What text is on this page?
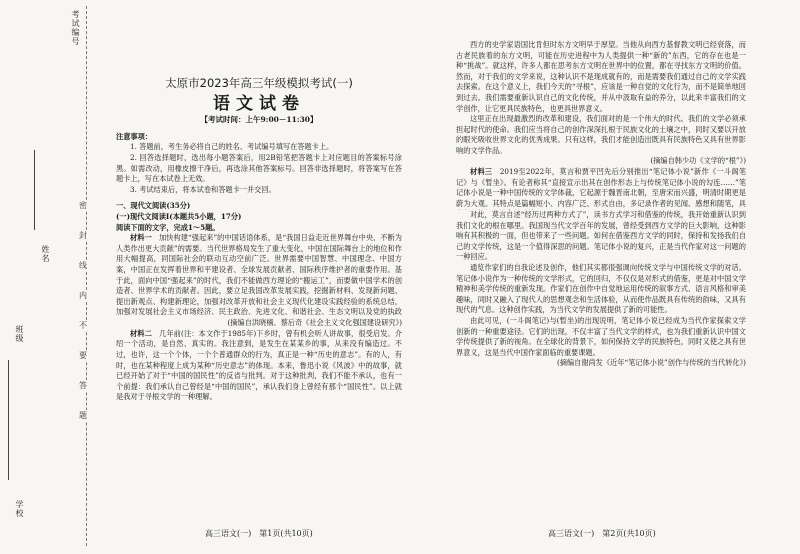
考试编号
姓名
班级
学校
密
封
线
内
不
要
答
题
太原市2023年高三年级模拟考试(一)
语文试卷
【考试时间：上午9:00－11:30】
注意事项：

1. 答题前，考生务必将自己的姓名、考试编号填写在答题卡上。

2. 回答选择题时，选出每小题答案后，用2B铅笔把答题卡上对应题目的答案标号涂黑。如需改动，用橡皮擦干净后，再选涂其他答案标号。回答非选择题时，将答案写在答题卡上，写在本试卷上无效。

3. 考试结束后，将本试卷和答题卡一并交回。

一、现代文阅读(35分)
(一)现代文阅读Ⅰ(本题共5小题，17分)
阅读下面的文字，完成1～5题。

材料一　 加快构建“强起来”的中国话语体系，是“我国日益走近世界舞台中央、不断为人类作出更大贡献”的需要。当代世界格局发生了重大变化，中国在国际舞台上的地位和作用大幅提高，同国际社会的联动互动空前广泛。世界需要中国智慧、中国理念、中国方案，中国正在发挥着世界和平建设者、全球发展贡献者、国际秩序维护者的重要作用。基于此，面向中国“强起来”的时代，我们不能做西方理论的“搬运工”，而要做中国学术的创造者、世界学术的贡献者。因此，要立足我国改革发展实践，挖掘新材料、发现新问题、提出新观点、构建新理论，加强对改革开放和社会主义现代化建设实践经验的系统总结，加强对发展社会主义市场经济、民主政治、先进文化、和谐社会、生态文明以及党的执政

(摘编自洪晓楠、蔡后奇《社会主义文化强国建设研究》)

材料二　 几年前(注：本文作于1985年)下乡时，曾有机会听人讲故事，很受启发。介绍一个活动，是自然、真实的。我注意到，是发生在某某乡的事，从来没有编造过。不过，也许，这一个个体，一个个普通群众的行为，真正是一种“历史的意志”。有的人，有时，也在某种程度上成为某种“历史意志”的体现。本来，鲁迅小说《风波》中的故事，就已经开始了对于“中国的国民性”的反省与批判。对于这种批判，我们不能不承认，也有一个前提：我们承认自己曾经是“中国的国民”，承认我们身上曾经有那个“国民性”。以上就是我对于寻根文学的一种理解。

西方的史学家语国比肯但时东方文明早于厚望。当他从向西方基督教文明已经衰落，而古老民族着的东方文明，可能在历史进程中为人类提供一种“新的”东西，它的存在也是一种“挑战”。就这样，许多人都在思考东方文明在世界中的位置，都在寻找东方文明的价值。然而，对于我们的文学来说，这种认识不是现成就有的，而是需要我们通过自己的文学实践去探索。在这个意义上，我们今天的“寻根”，应该是一种自觉的文化行为，而不是简单地回到过去。我们需要重新认识自己的文化传统，并从中汲取有益的养分，以此来丰富我们的文学创作，让它更具民族特色，也更具世界意义。

这里正在出现最激烈的改革和建设，我们面对的是一个伟大的时代。我们的文学必须承担起时代的使命。我们应当将自己的创作深深扎根于民族文化的土壤之中，同时又要以开放的眼光吸收世界文化的优秀成果。只有这样，我们才能创造出既具有民族特色又具有世界影响的文学作品。

(摘编自韩少功《文学的“根”》)

材料三　 2019至2022年，莫言和贾平凹先后分别推出“笔记体小说”新作《一斗阁笔记》与《暂坐》。有论者称其“直接宣示出其在创作形态上与传统笔记体小说的勾连……”笔记体小说是一种中国传统的文学体裁，它起源于魏晋南北朝，至唐宋而兴盛，明清时期更是蔚为大观。其特点是篇幅短小、内容广泛、形式自由，多记录作者的见闻、感想和随笔，具

对此，莫言自述“经历过两种方式了”，读书方式学习和借鉴的传统，我开始重新认识到我们文化的根在哪里。我国现当代文学百年的发展，曾经受到西方文学的巨大影响，这种影响有其积极的一面，但也带来了一些问题。如何在借鉴西方文学的同时，保持和发扬我们自己的文学传统，这是一个值得深思的问题。笔记体小说的复兴，正是当代作家对这一问题的一种回应。

通览作家们的自我论述及创作，他们其实都很强调向传统文学与中国传统文学的对话。笔记体小说作为一种传统的文学形式，它的回归，不仅仅是对形式的借鉴，更是对中国文学精神和美学传统的重新发现。作家们在创作中自觉地运用传统的叙事方式、语言风格和审美趣味，同时又融入了现代人的思想观念和生活体验，从而使作品既具有传统的韵味，又具有现代的气息。这种创作实践，为当代文学的发展提供了新的可能性。

由此可见，(一斗阁笔记)与(暂坐)的出现说明，笔记体小说已经成为当代作家探索文学创新的一种重要途径。它们的出现，不仅丰富了当代文学的样式，也为我们重新认识中国文学传统提供了新的视角。在全球化的背景下，如何保持文学的民族特色，同时又使之具有世界意义，这是当代中国作家面临的重要课题。

(摘编自谢尚发《近年“笔记体小说”创作与传统的当代转化》)
高三语文(一)　第1页(共10页)	高三语文(一)　第2页(共10页)
